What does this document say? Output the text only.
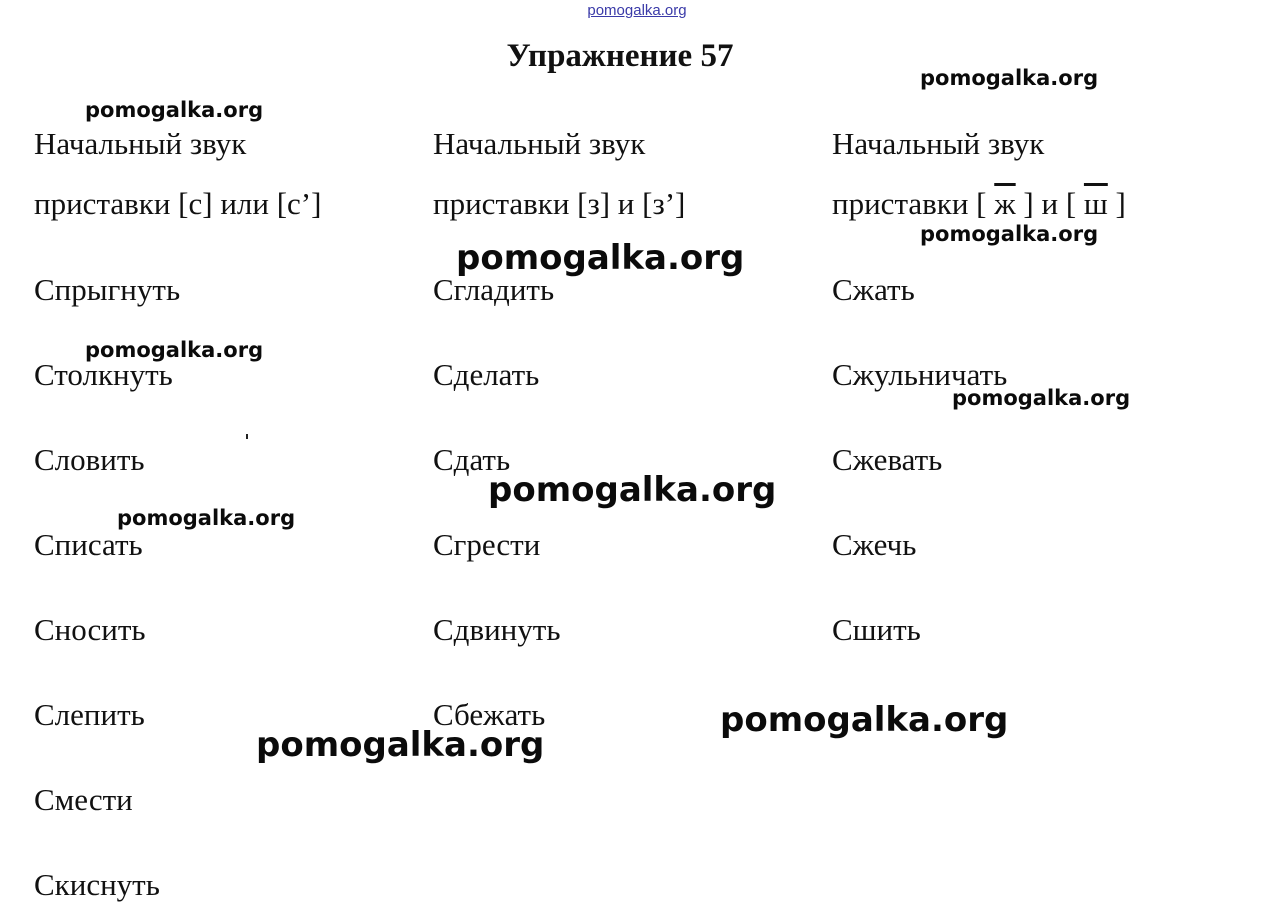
pomogalka.org
Упражнение 57
Начальный звук
приставки [с] или [с’]
Спрыгнуть
Столкнуть
Словить
Списать
Сносить
Слепить
Смести
Скиснуть
Начальный звук
приставки [з] и [з’]
Сгладить
Сделать
Сдать
Сгрести
Сдвинуть
Сбежать
Начальный звук
приставки [ ж ] и [ ш ]
Сжать
Сжульничать
Сжевать
Сжечь
Сшить
pomogalka.org
pomogalka.org
pomogalka.org
pomogalka.org
pomogalka.org
pomogalka.org
pomogalka.org
pomogalka.org
pomogalka.org
pomogalka.org
